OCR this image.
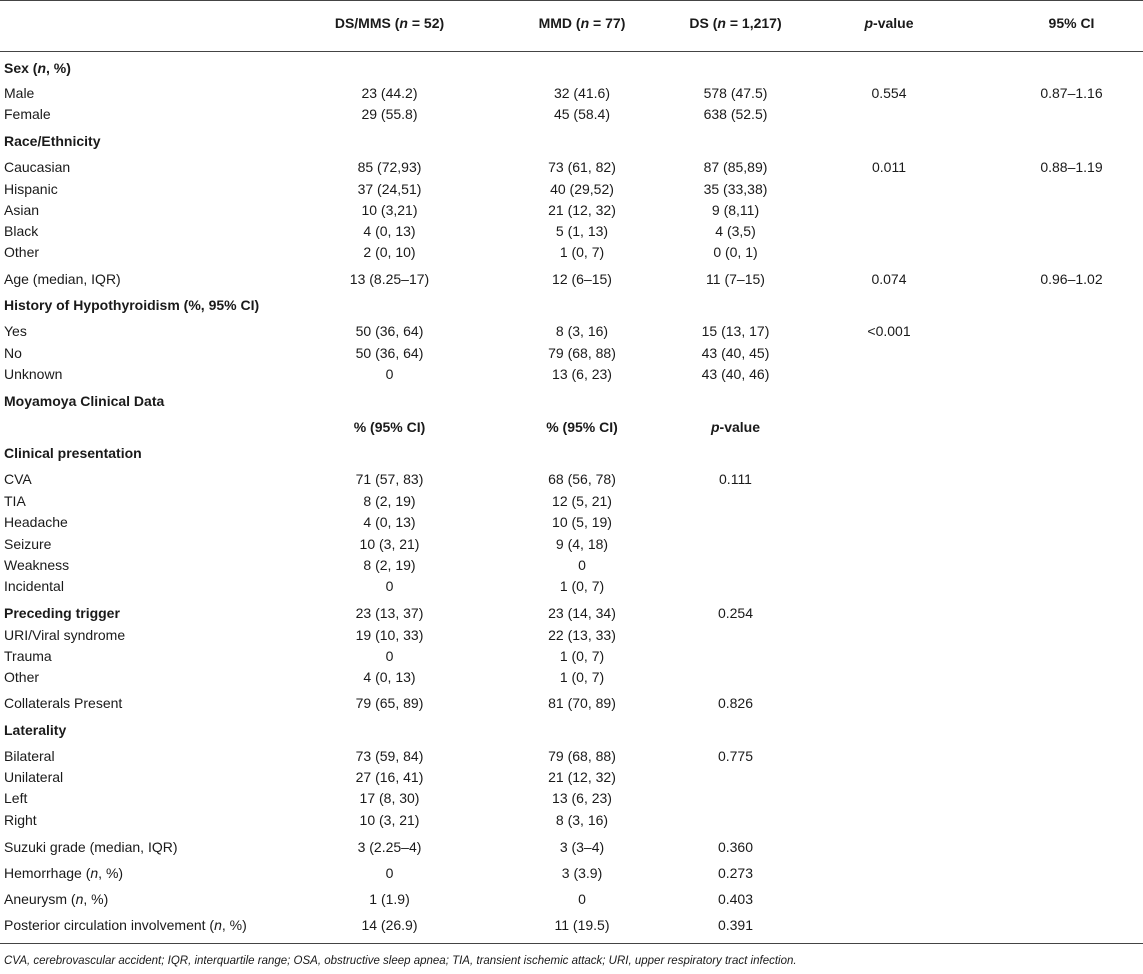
DS/MMS (n = 52)	MMD (n = 77)	DS (n = 1,217)	p-value	95% CI
Sex (n, %)
Male	23 (44.2)	32 (41.6)	578 (47.5)	0.554	0.87–1.16
Female	29 (55.8)	45 (58.4)	638 (52.5)
Race/Ethnicity
Caucasian	85 (72,93)	73 (61, 82)	87 (85,89)	0.011	0.88–1.19
Hispanic	37 (24,51)	40 (29,52)	35 (33,38)
Asian	10 (3,21)	21 (12, 32)	9 (8,11)
Black	4 (0, 13)	5 (1, 13)	4 (3,5)
Other	2 (0, 10)	1 (0, 7)	0 (0, 1)
Age (median, IQR)	13 (8.25–17)	12 (6–15)	11 (7–15)	0.074	0.96–1.02
History of Hypothyroidism (%, 95% CI)
Yes	50 (36, 64)	8 (3, 16)	15 (13, 17)	<0.001
No	50 (36, 64)	79 (68, 88)	43 (40, 45)
Unknown	0	13 (6, 23)	43 (40, 46)
Moyamoya Clinical Data
% (95% CI)	% (95% CI)	p-value
Clinical presentation
CVA	71 (57, 83)	68 (56, 78)	0.111
TIA	8 (2, 19)	12 (5, 21)
Headache	4 (0, 13)	10 (5, 19)
Seizure	10 (3, 21)	9 (4, 18)
Weakness	8 (2, 19)	0
Incidental	0	1 (0, 7)
Preceding trigger	23 (13, 37)	23 (14, 34)	0.254
URI/Viral syndrome	19 (10, 33)	22 (13, 33)
Trauma	0	1 (0, 7)
Other	4 (0, 13)	1 (0, 7)
Collaterals Present	79 (65, 89)	81 (70, 89)	0.826
Laterality
Bilateral	73 (59, 84)	79 (68, 88)	0.775
Unilateral	27 (16, 41)	21 (12, 32)
Left	17 (8, 30)	13 (6, 23)
Right	10 (3, 21)	8 (3, 16)
Suzuki grade (median, IQR)	3 (2.25–4)	3 (3–4)	0.360
Hemorrhage (n, %)	0	3 (3.9)	0.273
Aneurysm (n, %)	1 (1.9)	0	0.403
Posterior circulation involvement (n, %)	14 (26.9)	11 (19.5)	0.391
CVA, cerebrovascular accident; IQR, interquartile range; OSA, obstructive sleep apnea; TIA, transient ischemic attack; URI, upper respiratory tract infection.
